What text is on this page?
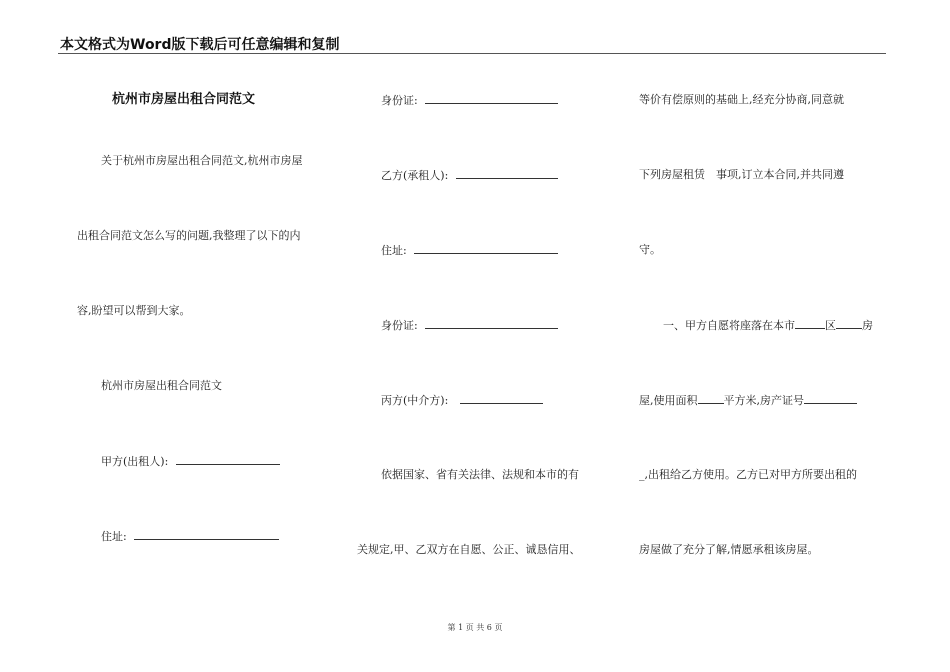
本文格式为Word版下载后可任意编辑和复制
杭州市房屋出租合同范文
关于杭州市房屋出租合同范文,杭州市房屋
出租合同范文怎么写的问题,我整理了以下的内
容,盼望可以帮到大家。
杭州市房屋出租合同范文
甲方(出租人):
住址:
身份证:
乙方(承租人):
住址:
身份证:
丙方(中介方):
依据国家、省有关法律、法规和本市的有
关规定,甲、乙双方在自愿、公正、诚恳信用、
等价有偿原则的基础上,经充分协商,同意就
下列房屋租赁　事项,订立本合同,并共同遵
守。
一、甲方自愿将座落在本市	区 房
屋,使用面积 平方米,房产证号
_,出租给乙方使用。乙方已对甲方所要出租的
房屋做了充分了解,情愿承租该房屋。
第 1 页 共 6 页
